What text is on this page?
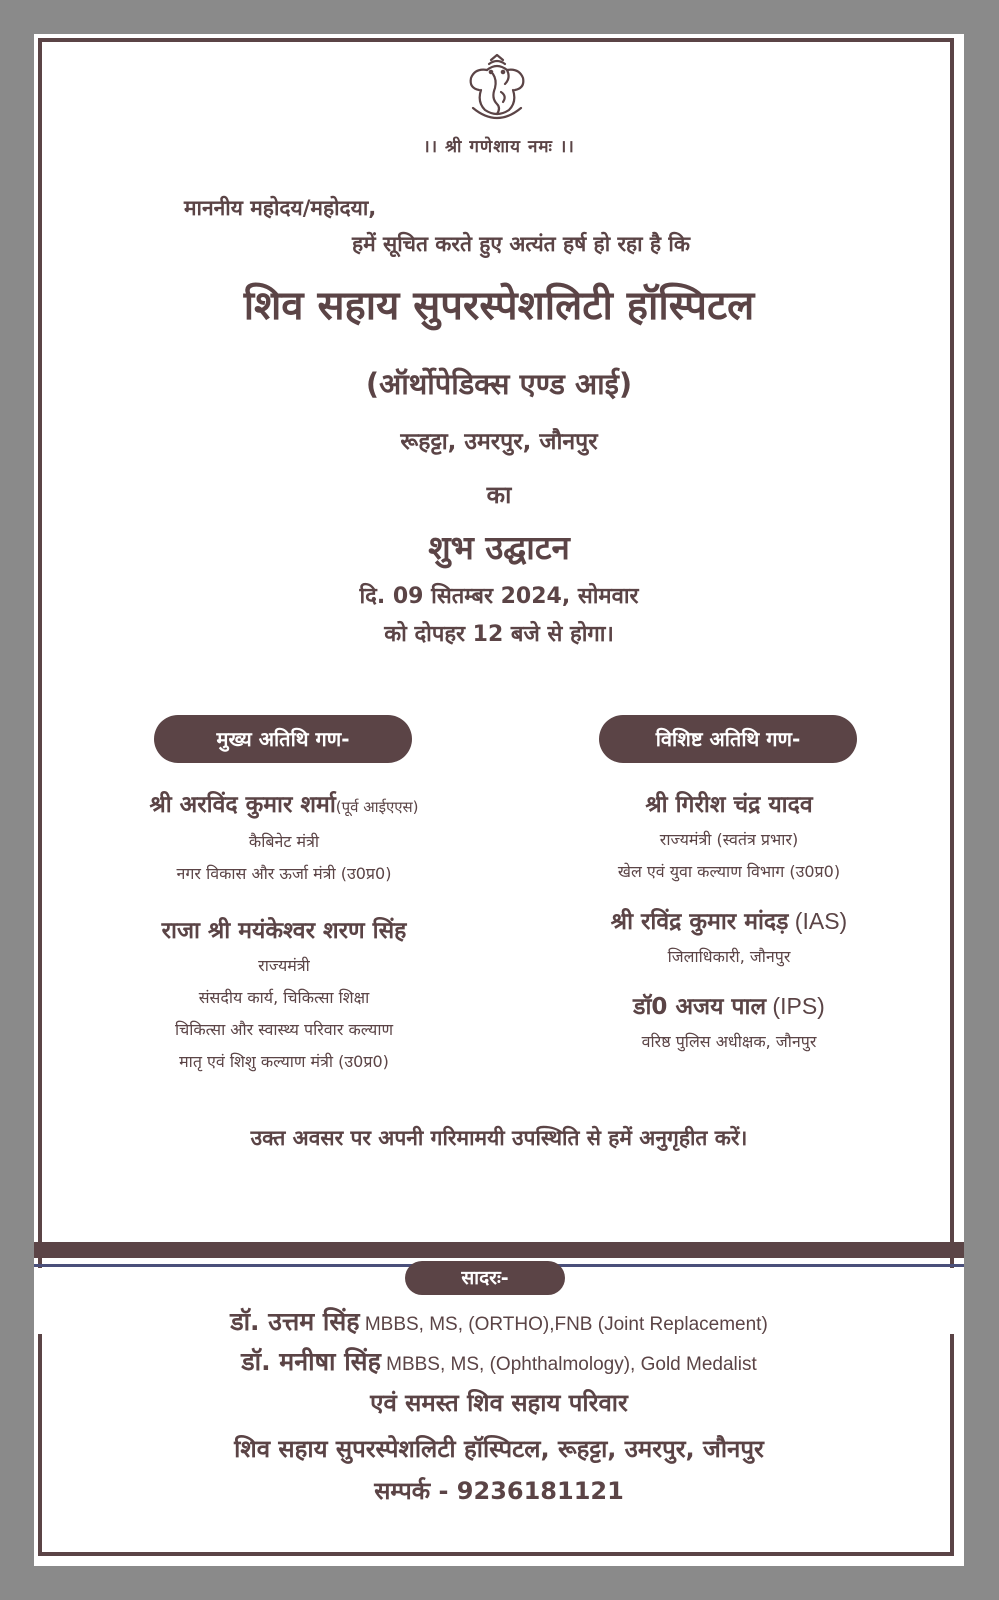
।। श्री गणेशाय नमः ।।
माननीय महोदय/महोदया,
हमें सूचित करते हुए अत्यंत हर्ष हो रहा है कि
शिव सहाय सुपरस्पेशलिटी हॉस्पिटल
(ऑर्थोपेडिक्स एण्ड आई)
रूहट्टा, उमरपुर, जौनपुर
का
शुभ उद्घाटन
दि. 09 सितम्बर 2024, सोमवार
को दोपहर 12 बजे से होगा।
मुख्य अतिथि गण-	विशिष्ट अतिथि गण-
श्री अरविंद कुमार शर्मा(पूर्व आईएएस)
कैबिनेट मंत्री
नगर विकास और ऊर्जा मंत्री (उ0प्र0)
राजा श्री मयंकेश्वर शरण सिंह
राज्यमंत्री
संसदीय कार्य, चिकित्सा शिक्षा
चिकित्सा और स्वास्थ्य परिवार कल्याण
मातृ एवं शिशु कल्याण मंत्री (उ0प्र0)
श्री गिरीश चंद्र यादव
राज्यमंत्री (स्वतंत्र प्रभार)
खेल एवं युवा कल्याण विभाग (उ0प्र0)
श्री रविंद्र कुमार मांदड़ (IAS)
जिलाधिकारी, जौनपुर
डॉ0 अजय पाल (IPS)
वरिष्ठ पुलिस अधीक्षक, जौनपुर
उक्त अवसर पर अपनी गरिमामयी उपस्थिति से हमें अनुगृहीत करें।
सादरः-
डॉ. उत्तम सिंह MBBS, MS, (ORTHO),FNB (Joint Replacement)
डॉ. मनीषा सिंह MBBS, MS, (Ophthalmology), Gold Medalist
एवं समस्त शिव सहाय परिवार
शिव सहाय सुपरस्पेशलिटी हॉस्पिटल, रूहट्टा, उमरपुर, जौनपुर
सम्पर्क - 9236181121
